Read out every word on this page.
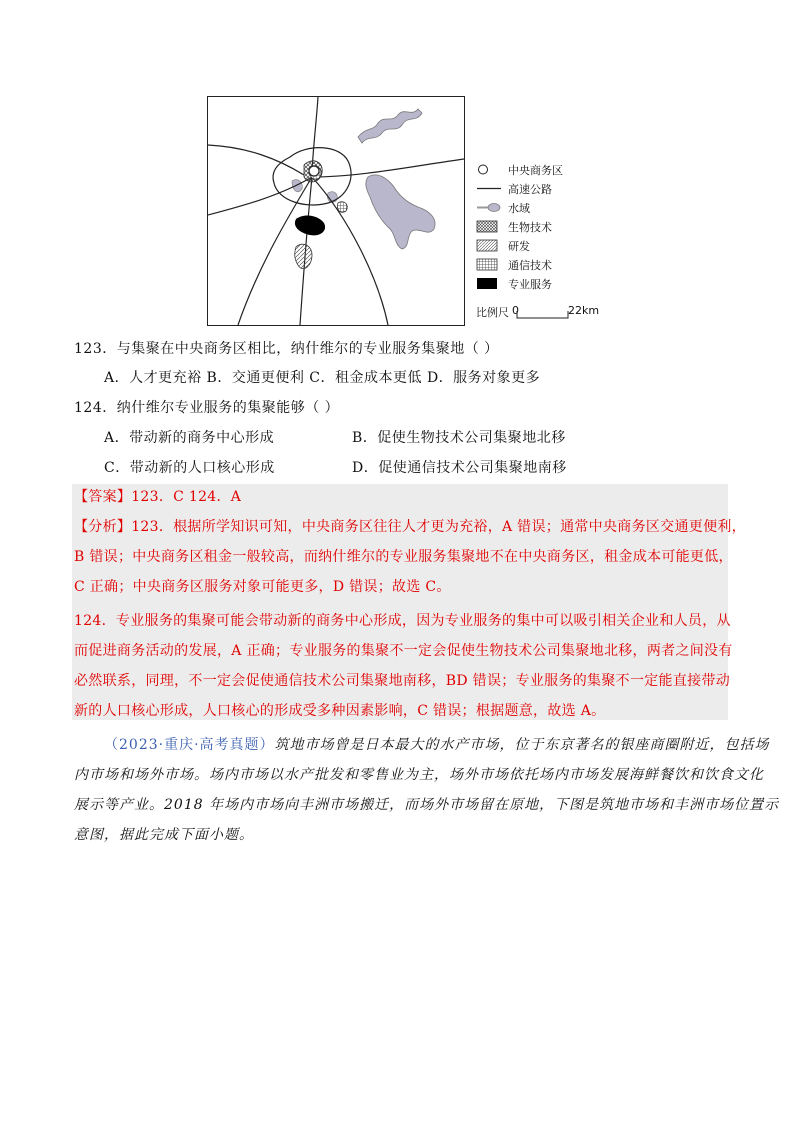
中央商务区
高速公路
水域
生物技术
研发
通信技术
专业服务
比例尺 0	22km
123．与集聚在中央商务区相比，纳什维尔的专业服务集聚地（ ）
A．人才更充裕 B．交通更便利 C．租金成本更低 D．服务对象更多
124．纳什维尔专业服务的集聚能够（ ）
A．带动新的商务中心形成	B．促使生物技术公司集聚地北移
C．带动新的人口核心形成	D．促使通信技术公司集聚地南移
【答案】123．C 124．A
【分析】123．根据所学知识可知，中央商务区往往人才更为充裕，A 错误；通常中央商务区交通更便利，
B 错误；中央商务区租金一般较高，而纳什维尔的专业服务集聚地不在中央商务区，租金成本可能更低，
C 正确；中央商务区服务对象可能更多，D 错误；故选 C。
124．专业服务的集聚可能会带动新的商务中心形成，因为专业服务的集中可以吸引相关企业和人员，从
而促进商务活动的发展，A 正确；专业服务的集聚不一定会促使生物技术公司集聚地北移，两者之间没有
必然联系，同理，不一定会促使通信技术公司集聚地南移，BD 错误；专业服务的集聚不一定能直接带动
新的人口核心形成，人口核心的形成受多种因素影响，C 错误；根据题意，故选 A。
（2023·重庆·高考真题）筑地市场曾是日本最大的水产市场，位于东京著名的银座商圈附近，包括场
内市场和场外市场。场内市场以水产批发和零售业为主，场外市场依托场内市场发展海鲜餐饮和饮食文化
展示等产业。2018 年场内市场向丰洲市场搬迁，而场外市场留在原地，下图是筑地市场和丰洲市场位置示
意图，据此完成下面小题。
